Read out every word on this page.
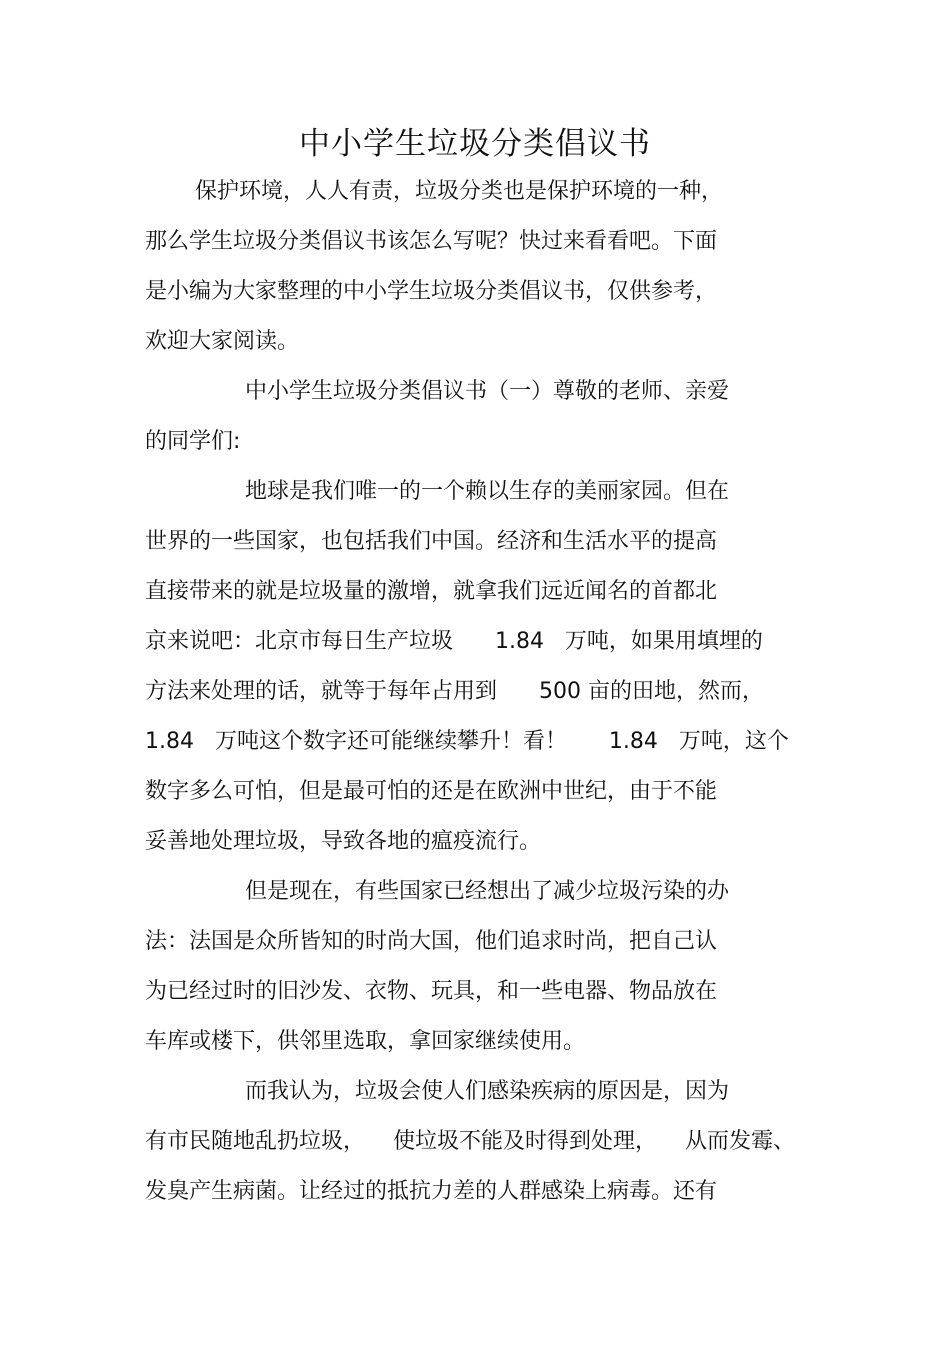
中小学生垃圾分类倡议书

保护环境，人人有责，垃圾分类也是保护环境的一种，

那么学生垃圾分类倡议书该怎么写呢？快过来看看吧。下面

是小编为大家整理的中小学生垃圾分类倡议书，仅供参考，

欢迎大家阅读。

中小学生垃圾分类倡议书（一）尊敬的老师、亲爱

的同学们:

地球是我们唯一的一个赖以生存的美丽家园。但在

世界的一些国家，也包括我们中国。经济和生活水平的提高

直接带来的就是垃圾量的激增，就拿我们远近闻名的首都北

京来说吧：北京市每日生产垃圾      1.84   万吨，如果用填埋的

方法来处理的话，就等于每年占用到      500 亩的田地，然而，

1.84   万吨这个数字还可能继续攀升！看！      1.84   万吨，这个

数字多么可怕，但是最可怕的还是在欧洲中世纪，由于不能

妥善地处理垃圾，导致各地的瘟疫流行。

但是现在，有些国家已经想出了减少垃圾污染的办

法：法国是众所皆知的时尚大国，他们追求时尚，把自己认

为已经过时的旧沙发、衣物、玩具，和一些电器、物品放在

车库或楼下，供邻里选取，拿回家继续使用。

而我认为，垃圾会使人们感染疾病的原因是，因为

有市民随地乱扔垃圾，    使垃圾不能及时得到处理，    从而发霉、

发臭产生病菌。让经过的抵抗力差的人群感染上病毒。还有
